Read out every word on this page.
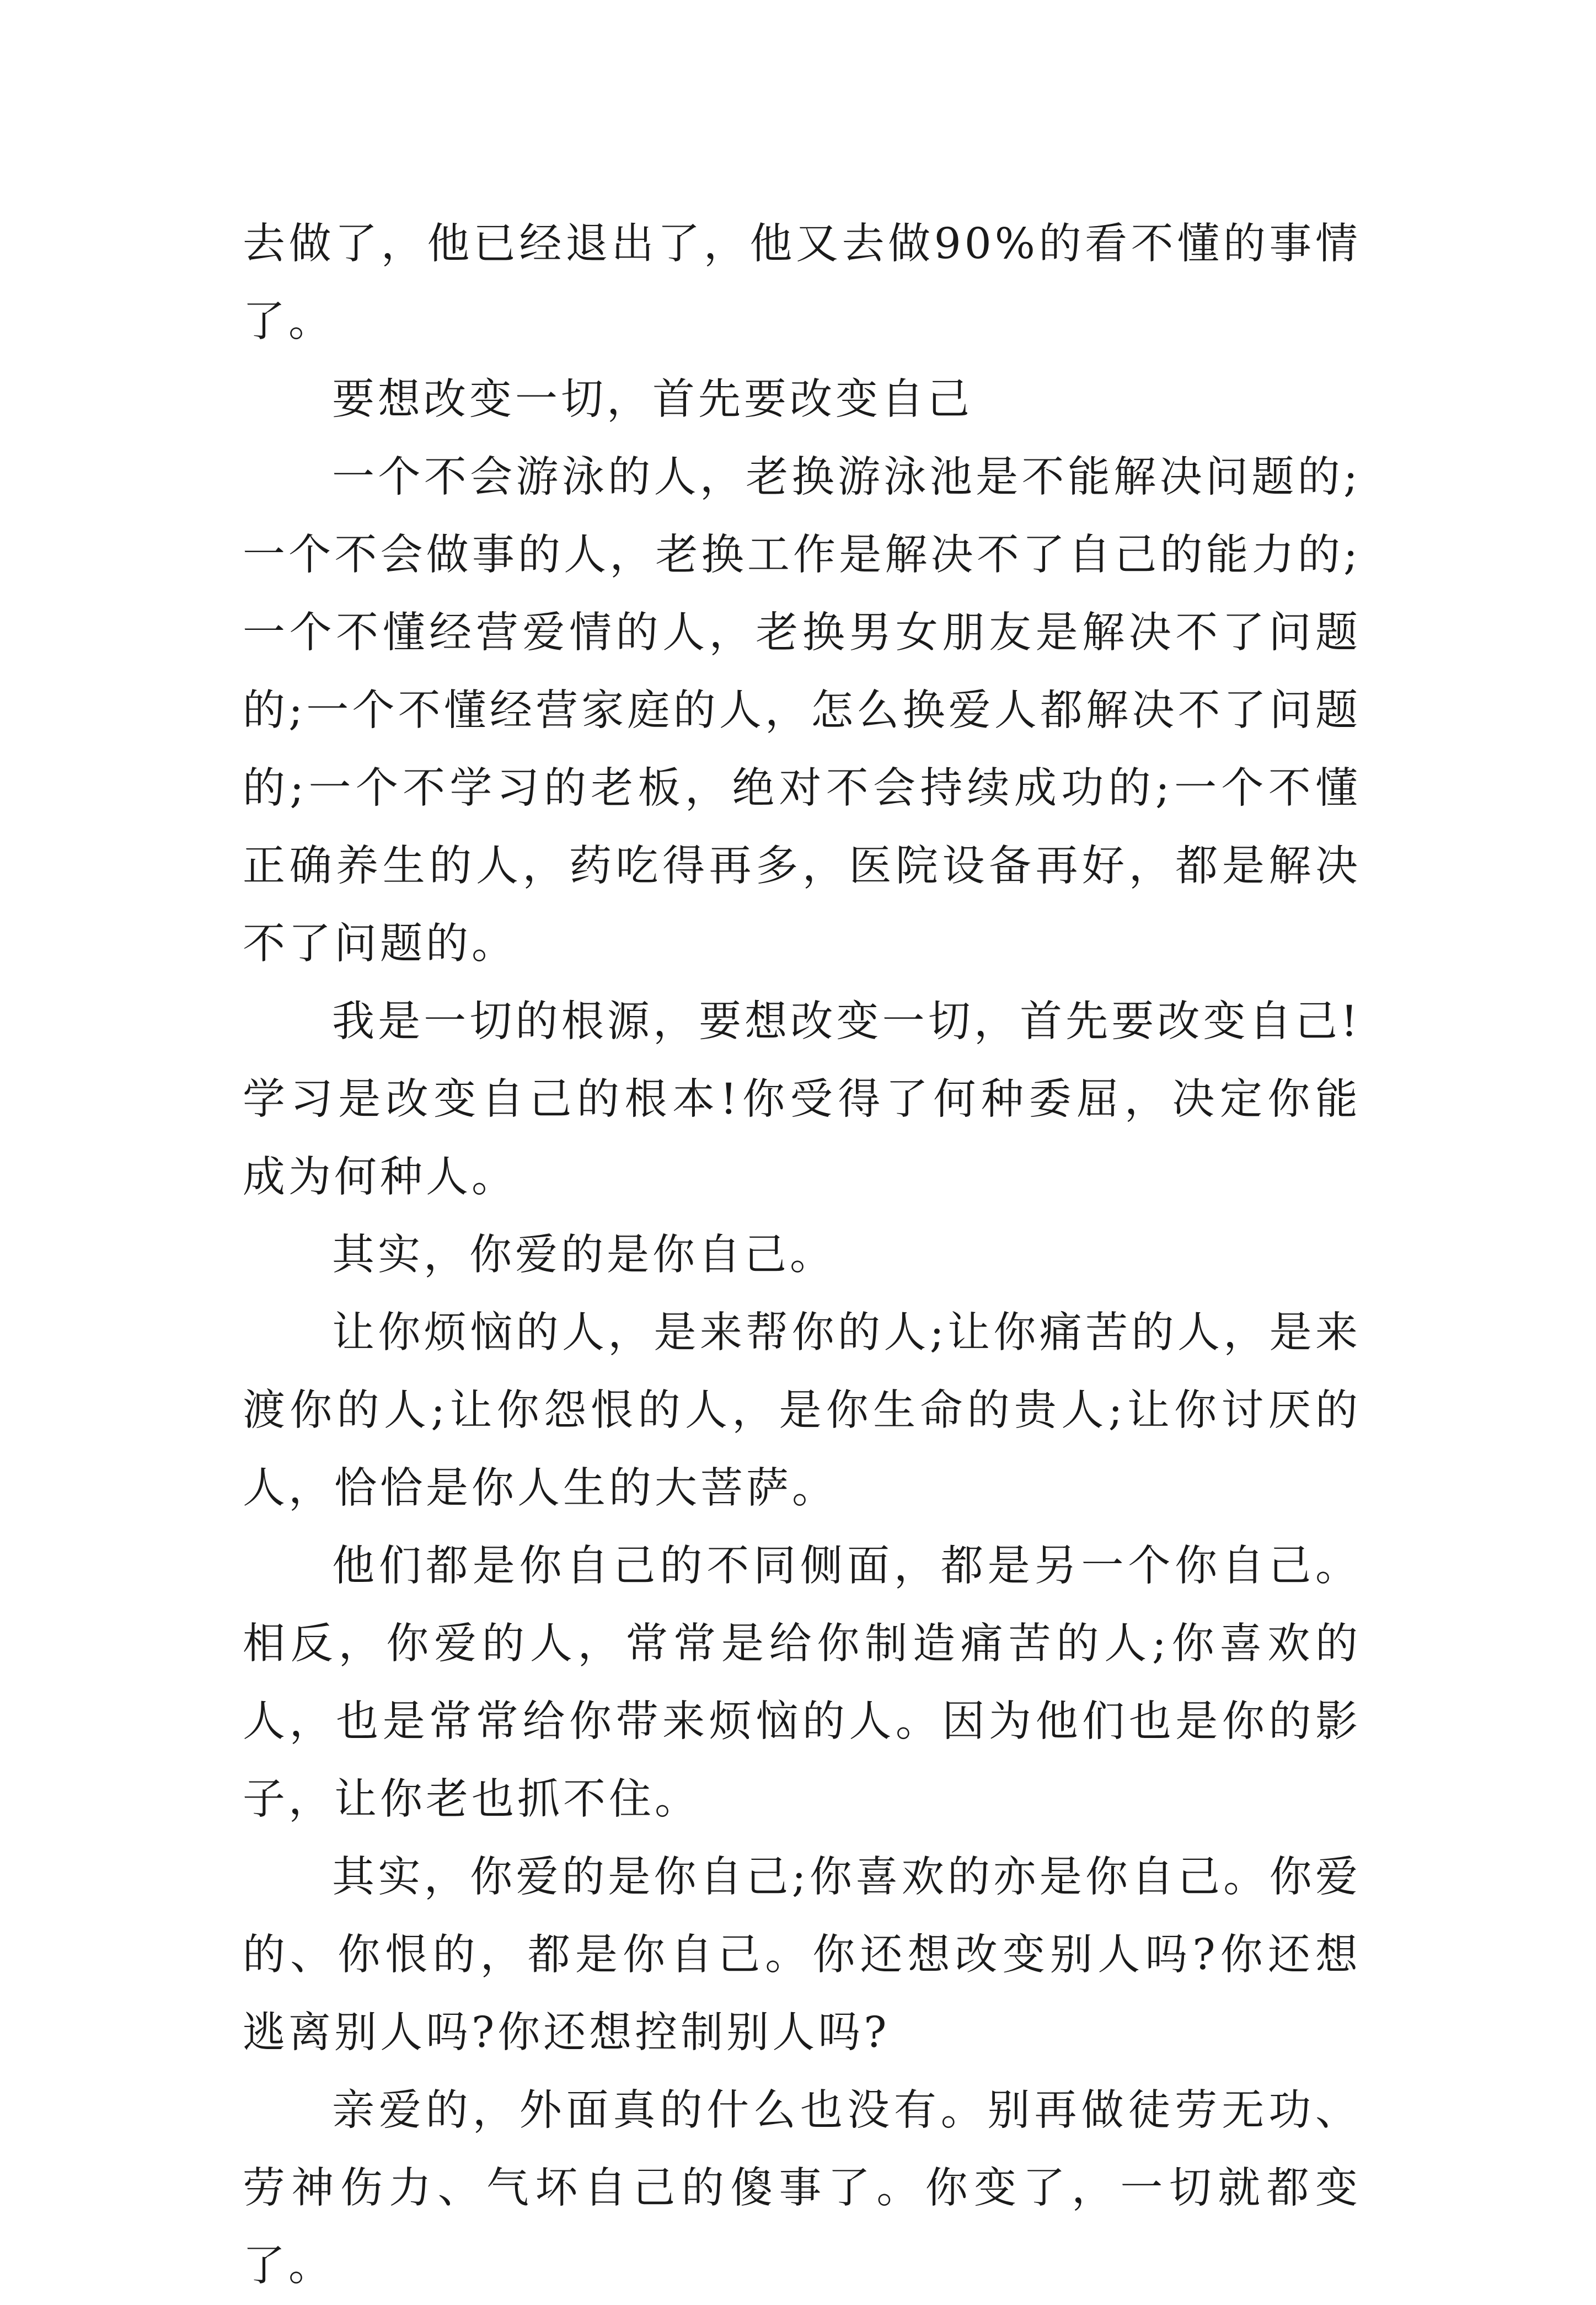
去做了，他已经退出了，他又去做90%的看不懂的事情了。

要想改变一切，首先要改变自己

一个不会游泳的人，老换游泳池是不能解决问题的;一个不会做事的人，老换工作是解决不了自己的能力的;一个不懂经营爱情的人，老换男女朋友是解决不了问题的;一个不懂经营家庭的人，怎么换爱人都解决不了问题的;一个不学习的老板，绝对不会持续成功的;一个不懂正确养生的人，药吃得再多，医院设备再好，都是解决不了问题的。

我是一切的根源，要想改变一切，首先要改变自己!学习是改变自己的根本!你受得了何种委屈，决定你能成为何种人。

其实，你爱的是你自己。

让你烦恼的人，是来帮你的人;让你痛苦的人，是来渡你的人;让你怨恨的人，是你生命的贵人;让你讨厌的人，恰恰是你人生的大菩萨。

他们都是你自己的不同侧面，都是另一个你自己。相反，你爱的人，常常是给你制造痛苦的人;你喜欢的人，也是常常给你带来烦恼的人。因为他们也是你的影子，让你老也抓不住。

其实，你爱的是你自己;你喜欢的亦是你自己。你爱的、你恨的，都是你自己。你还想改变别人吗?你还想逃离别人吗?你还想控制别人吗?

亲爱的，外面真的什么也没有。别再做徒劳无功、劳神伤力、气坏自己的傻事了。你变了，一切就都变了。
